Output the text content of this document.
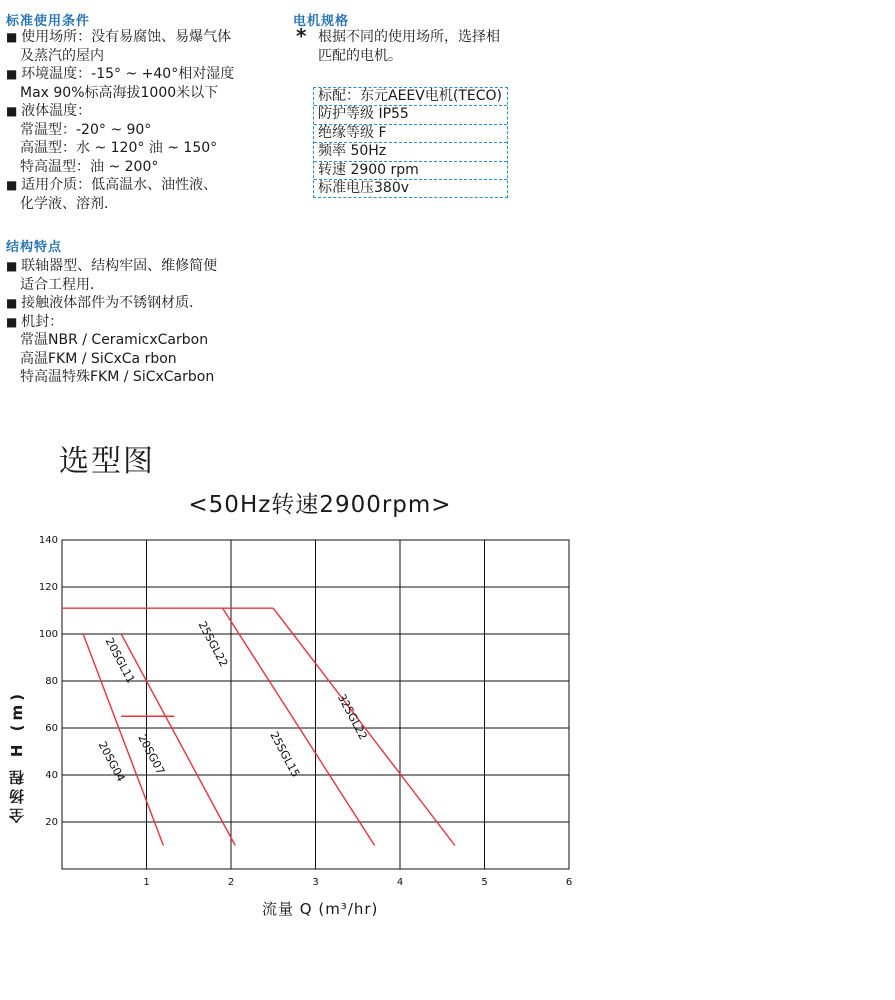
标准使用条件
■ 使用场所：没有易腐蚀、易爆气体
及蒸汽的屋内
■ 环境温度：-15° ~ +40°相对湿度
Max 90%标高海拔1000米以下
■ 液体温度：
常温型：-20° ~ 90°
高温型：水 ~ 120° 油 ~ 150°
特高温型：油 ~ 200°
■ 适用介质：低高温水、油性液、
化学液、溶剂．
结构特点
■ 联轴器型、结构牢固、维修简便
适合工程用．
■ 接触液体部件为不锈钢材质．
■ 机封：
常温NBR / CeramicxCarbon
高温FKM / SiCxCa rbon
特高温特殊FKM / SiCxCarbon
电机规格
* 根据不同的使用场所，选择相
匹配的电机。
标配：东元AEEV电机(TECO)
防护等级 IP55
绝缘等级 F
频率 50Hz
转速 2900 rpm
标准电压380v
选型图
<50Hz转速2900rpm>
1	2	3	4	5	6
20
40
60
80
100
120
140
20SGL11	25SGL22
32SGL22
20SG04 20SG07	25SGL15
全扬程 H (m)
流量 Q (m³/hr)
